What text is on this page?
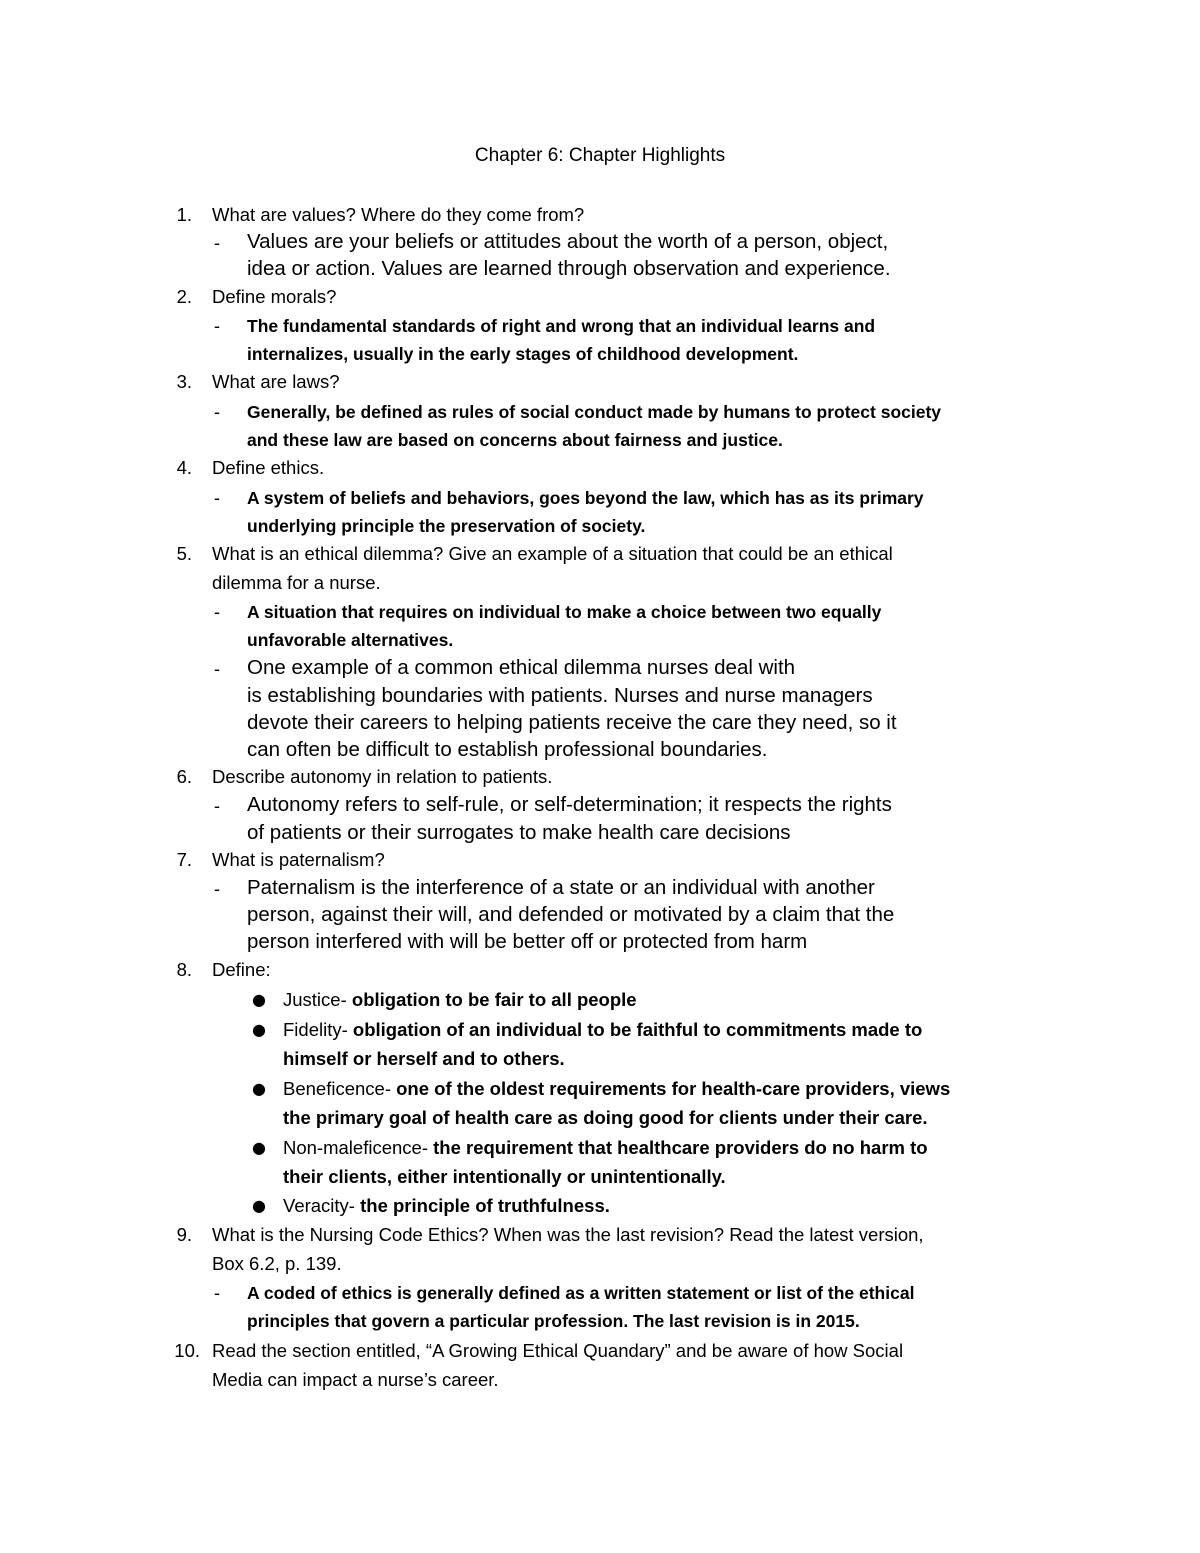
Chapter 6: Chapter Highlights
1. What are values? Where do they come from?
- Values are your beliefs or attitudes about the worth of a person, object,
idea or action. Values are learned through observation and experience.
2. Define morals?
- The fundamental standards of right and wrong that an individual learns and
internalizes, usually in the early stages of childhood development.
3. What are laws?
- Generally, be defined as rules of social conduct made by humans to protect society
and these law are based on concerns about fairness and justice.
4. Define ethics.
- A system of beliefs and behaviors, goes beyond the law, which has as its primary
underlying principle the preservation of society.
5. What is an ethical dilemma? Give an example of a situation that could be an ethical
dilemma for a nurse.
- A situation that requires on individual to make a choice between two equally
unfavorable alternatives.
- One example of a common ethical dilemma nurses deal with
is establishing boundaries with patients. Nurses and nurse managers
devote their careers to helping patients receive the care they need, so it
can often be difficult to establish professional boundaries.
6. Describe autonomy in relation to patients.
- Autonomy refers to self-rule, or self-determination; it respects the rights
of patients or their surrogates to make health care decisions
7. What is paternalism?
- Paternalism is the interference of a state or an individual with another
person, against their will, and defended or motivated by a claim that the
person interfered with will be better off or protected from harm
8. Define:
● Justice- obligation to be fair to all people
● Fidelity- obligation of an individual to be faithful to commitments made to
himself or herself and to others.
● Beneficence- one of the oldest requirements for health-care providers, views
the primary goal of health care as doing good for clients under their care.
● Non-maleficence- the requirement that healthcare providers do no harm to
their clients, either intentionally or unintentionally.
● Veracity- the principle of truthfulness.
9. What is the Nursing Code Ethics? When was the last revision? Read the latest version,
Box 6.2, p. 139.
- A coded of ethics is generally defined as a written statement or list of the ethical
principles that govern a particular profession. The last revision is in 2015.
10. Read the section entitled, “A Growing Ethical Quandary” and be aware of how Social
Media can impact a nurse’s career.
